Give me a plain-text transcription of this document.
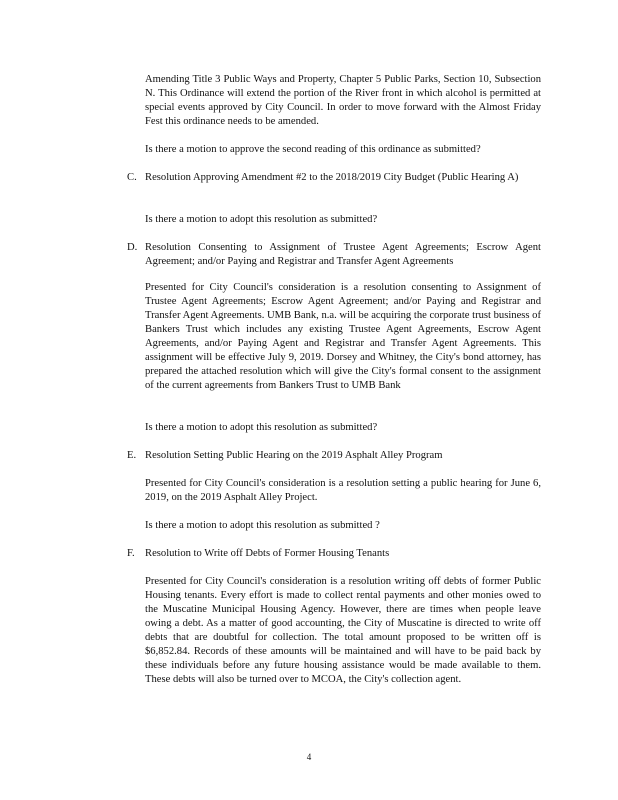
Amending Title 3 Public Ways and Property, Chapter 5 Public Parks, Section 10, Subsection N. This Ordinance will extend the portion of the River front in which alcohol is permitted at special events approved by City Council. In order to move forward with the Almost Friday Fest this ordinance needs to be amended.

Is there a motion to approve the second reading of this ordinance as submitted?

C. Resolution Approving Amendment #2 to the 2018/2019 City Budget (Public Hearing A)

Is there a motion to adopt this resolution as submitted?

D. Resolution Consenting to Assignment of Trustee Agent Agreements; Escrow Agent Agreement; and/or Paying and Registrar and Transfer Agent Agreements

Presented for City Council's consideration is a resolution consenting to Assignment of Trustee Agent Agreements; Escrow Agent Agreement; and/or Paying and Registrar and Transfer Agent Agreements. UMB Bank, n.a. will be acquiring the corporate trust business of Bankers Trust which includes any existing Trustee Agent Agreements, Escrow Agent Agreements, and/or Paying Agent and Registrar and Transfer Agent Agreements. This assignment will be effective July 9, 2019. Dorsey and Whitney, the City's bond attorney, has prepared the attached resolution which will give the City's formal consent to the assignment of the current agreements from Bankers Trust to UMB Bank

Is there a motion to adopt this resolution as submitted?

E. Resolution Setting Public Hearing on the 2019 Asphalt Alley Program

Presented for City Council's consideration is a resolution setting a public hearing for June 6, 2019, on the 2019 Asphalt Alley Project.

Is there a motion to adopt this resolution as submitted ?

F. Resolution to Write off Debts of Former Housing Tenants

Presented for City Council's consideration is a resolution writing off debts of former Public Housing tenants. Every effort is made to collect rental payments and other monies owed to the Muscatine Municipal Housing Agency. However, there are times when people leave owing a debt. As a matter of good accounting, the City of Muscatine is directed to write off debts that are doubtful for collection. The total amount proposed to be written off is $6,852.84. Records of these amounts will be maintained and will have to be paid back by these individuals before any future housing assistance would be made available to them. These debts will also be turned over to MCOA, the City's collection agent.

4
